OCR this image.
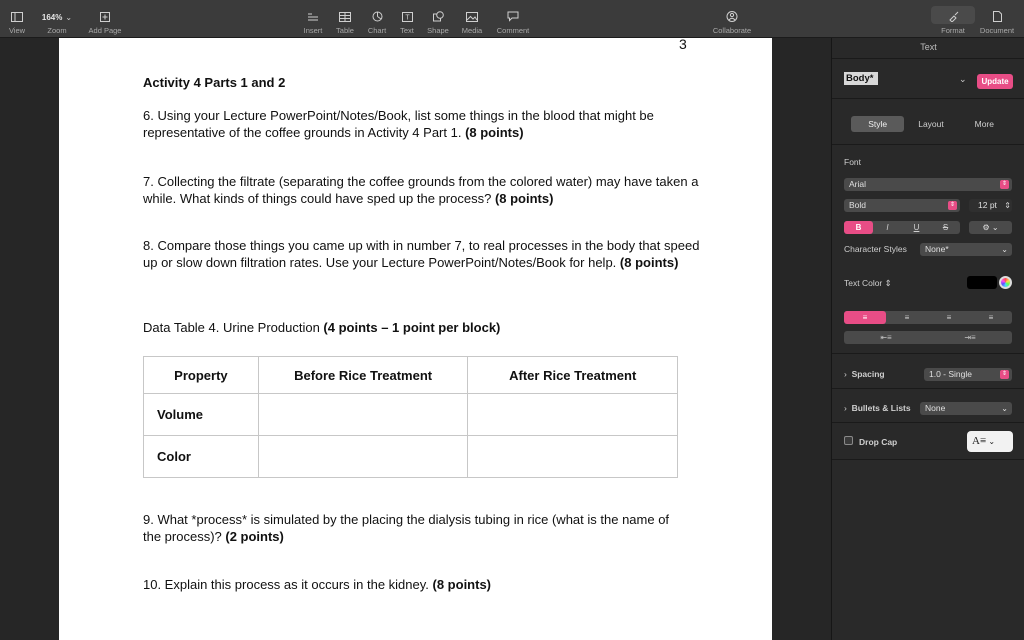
View
164% ⌄
Zoom	Add Page	Insert Table Chart
T
Text Shape Media Comment	Collaborate	Format Document
3
Activity 4 Parts 1 and 2
6. Using your Lecture PowerPoint/Notes/Book, list some things in the blood that might be representative of the coffee grounds in Activity 4 Part 1. (8 points)
7. Collecting the filtrate (separating the coffee grounds from the colored water) may have taken a while. What kinds of things could have sped up the process? (8 points)
8. Compare those things you came up with in number 7, to real processes in the body that speed up or slow down filtration rates. Use your Lecture PowerPoint/Notes/Book for help. (8 points)
Data Table 4. Urine Production (4 points – 1 point per block)
Property	Before Rice Treatment	After Rice Treatment
Volume		
Color		
9. What *process* is simulated by the placing the dialysis tubing in rice (what is the name of the process)? (2 points)
10. Explain this process as it occurs in the kidney. (8 points)
Text
Body*	⌄	Update
Style	Layout	More
Font
Arial	⇕
Bold	⇕	12 pt ⇕
B	I	U	S	⚙ ⌄
Character Styles	None*	⌄
Text Color ⇕
≡	≡	≡	≡
⇤≡	⇥≡
›  Spacing	1.0 - Single	⇕
›  Bullets & Lists	None	⌄
Drop Cap	A≡ ⌄
